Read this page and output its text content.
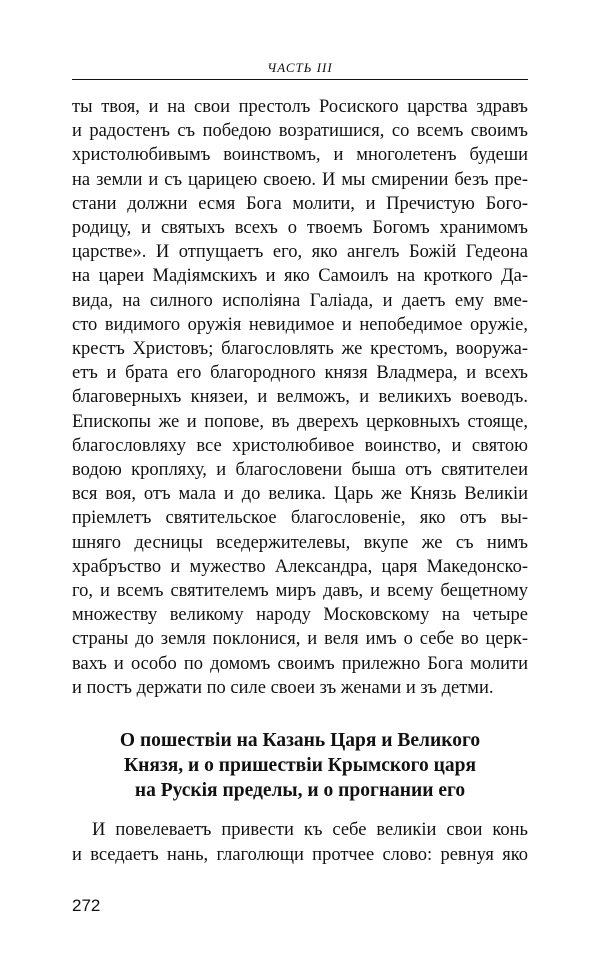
ЧАСТЬ III
ты твоя, и на свои престолъ Росиского царства здравъ
и радостенъ съ победою возратишися, со всемъ своимъ
христолюбивымъ воинствомъ, и многолетенъ будеши
на земли и съ царицею своею. И мы смирении безъ пре-
стани должни есмя Бога молити, и Пречистую Бого-
родицу, и святыхъ всехъ о твоемъ Богомъ хранимомъ
царстве». И отпущаетъ его, яко ангелъ Божій Гедеона
на цареи Мадіямскихъ и яко Самоилъ на кроткого Да-
вида, на силного исполіяна Галіада, и даетъ ему вме-
сто видимого оружія невидимое и непобедимое оружіе,
крестъ Христовъ; благословлять же крестомъ, вооружа-
етъ и брата его благородного князя Владмера, и всехъ
благоверныхъ князеи, и велможъ, и великихъ воеводъ.
Епископы же и попове, въ дверехъ церковныхъ стояще,
благословляху все христолюбивое воинство, и святою
водою кропляху, и благословени быша отъ святителеи
вся воя, отъ мала и до велика. Царь же Князь Великіи
пріемлетъ святительское благословеніе, яко отъ вы-
шняго десницы вседержителевы, вкупе же съ нимъ
храбръство и мужество Александра, царя Македонско-
го, и всемъ святителемъ миръ давъ, и всему бещетному
множеству великому народу Московскому на четыре
страны до земля поклонися, и веля имъ о себе во церк-
вахъ и особо по домомъ своимъ прилежно Бога молити
и постъ держати по силе своеи зъ женами и зъ детми.
О пошествіи на Казань Царя и Великого
Князя, и о пришествіи Крымского царя
на Рускія пределы, и о прогнании его
И повелеваетъ привести къ себе великіи свои конь
и вседаетъ нань, глаголющи протчее слово: ревнуя яко
272
